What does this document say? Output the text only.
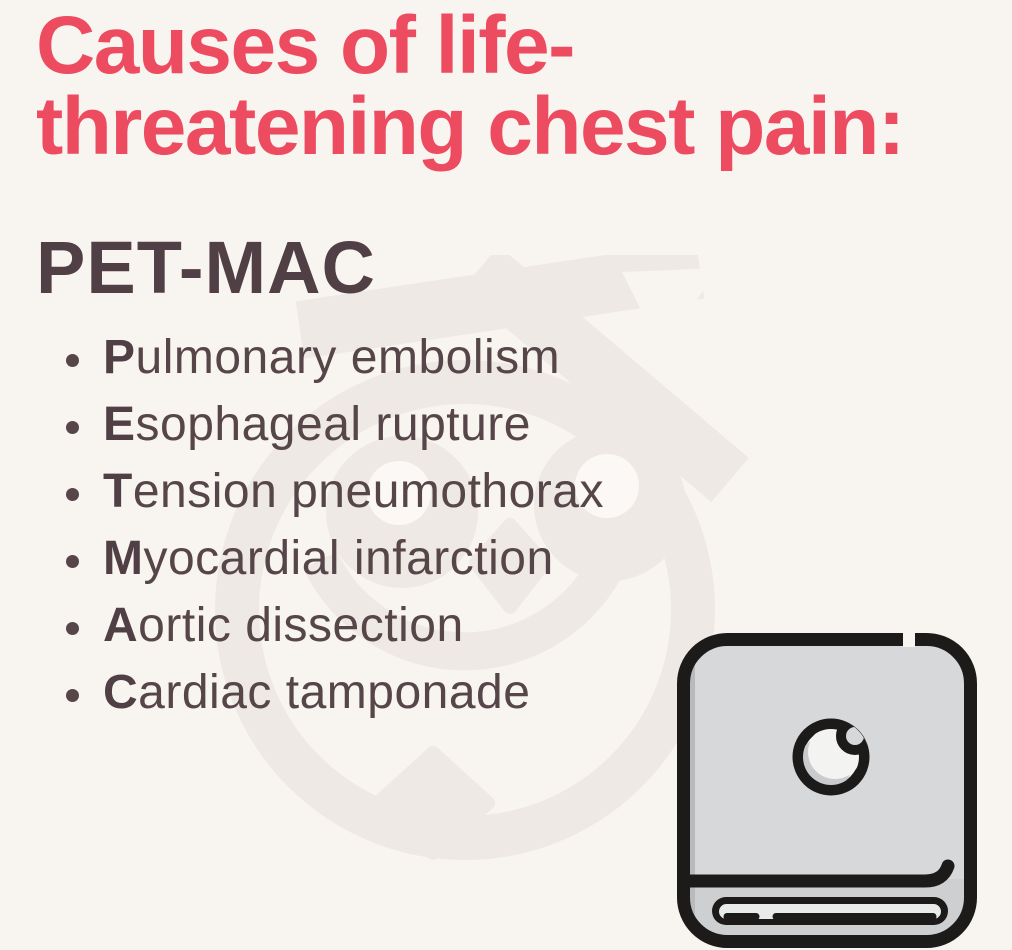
Causes of life-
threatening chest pain:
PET-MAC
Pulmonary embolism
Esophageal rupture
Tension pneumothorax
Myocardial infarction
Aortic dissection
Cardiac tamponade
